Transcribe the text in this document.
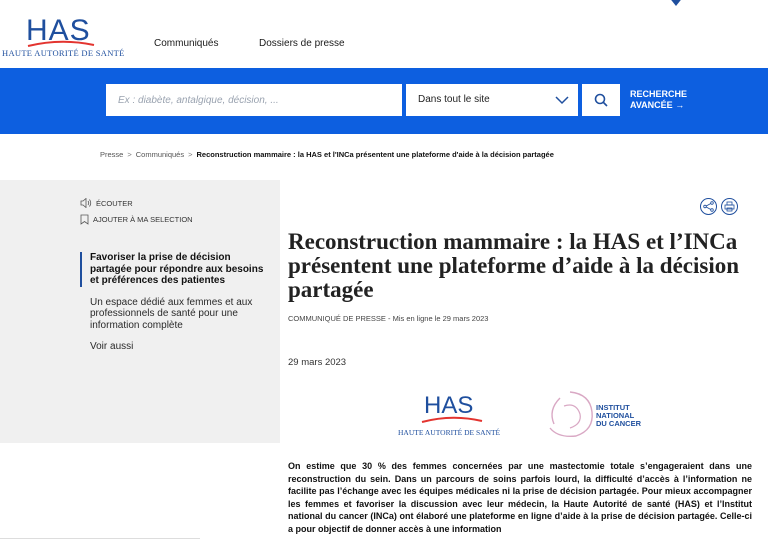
HAS
HAUTE AUTORITÉ DE SANTÉ
Communiqués	Dossiers de presse
Ex : diabète, antalgique, décision, ...
Dans tout le site	RECHERCHE
AVANCÉE →
Presse > Communiqués > Reconstruction mammaire : la HAS et l'INCa présentent une plateforme d'aide à la décision partagée
ÉCOUTER
AJOUTER À MA SELECTION
Favoriser la prise de décision partagée pour répondre aux besoins et préférences des patientes
Un espace dédié aux femmes et aux professionnels de santé pour une information complète
Voir aussi
Reconstruction mammaire : la HAS et l’INCa présentent une plateforme d’aide à la décision partagée
COMMUNIQUÉ DE PRESSE - Mis en ligne le 29 mars 2023
29 mars 2023
HAS
HAUTE AUTORITÉ DE SANTÉ
INSTITUT
NATIONAL
DU CANCER

On estime que 30 % des femmes concernées par une mastectomie totale s’engageraient dans une reconstruction du sein. Dans un parcours de soins parfois lourd, la difficulté d’accès à l’information ne facilite pas l’échange avec les équipes médicales ni la prise de décision partagée. Pour mieux accompagner les femmes et favoriser la discussion avec leur médecin, la Haute Autorité de santé (HAS) et l’Institut national du cancer (INCa) ont élaboré une plateforme en ligne d’aide à la prise de décision partagée. Celle-ci a pour objectif de donner accès à une information
